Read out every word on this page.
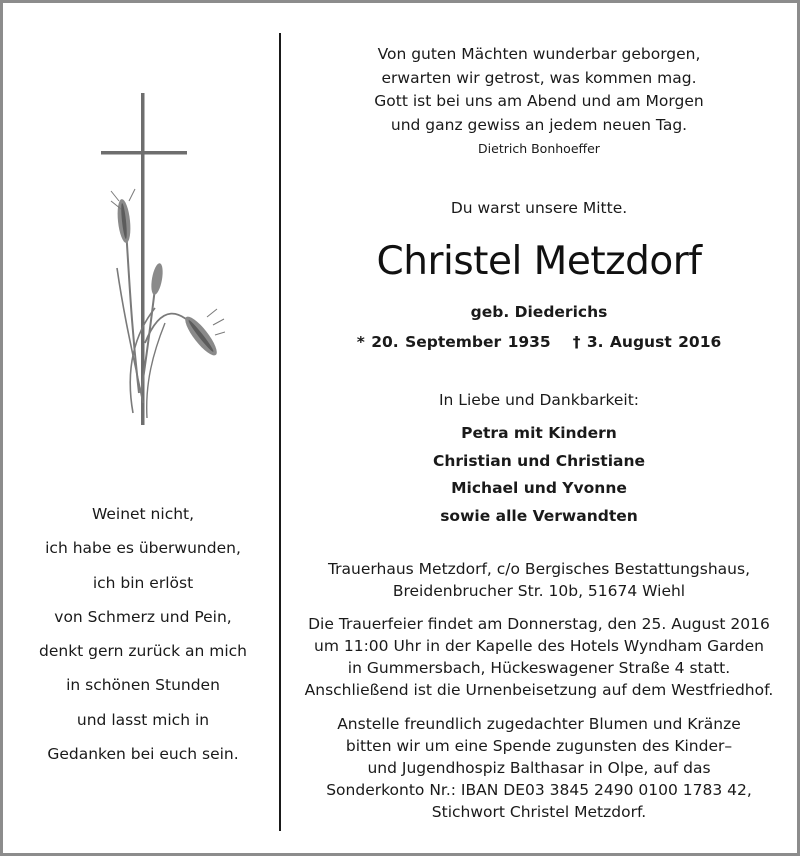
Weinet nicht,
ich habe es überwunden,
ich bin erlöst
von Schmerz und Pein,
denkt gern zurück an mich
in schönen Stunden
und lasst mich in
Gedanken bei euch sein.
Von guten Mächten wunderbar geborgen,
erwarten wir getrost, was kommen mag.
Gott ist bei uns am Abend und am Morgen
und ganz gewiss an jedem neuen Tag.
Dietrich Bonhoeffer
Du warst unsere Mitte.
Christel Metzdorf
geb. Diederichs
* 20. September 1935 † 3. August 2016
In Liebe und Dankbarkeit:
Petra mit Kindern
Christian und Christiane
Michael und Yvonne
sowie alle Verwandten
Trauerhaus Metzdorf, c/o Bergisches Bestattungshaus,
Breidenbrucher Str. 10b, 51674 Wiehl
Die Trauerfeier findet am Donnerstag, den 25. August 2016
um 11:00 Uhr in der Kapelle des Hotels Wyndham Garden
in Gummersbach, Hückeswagener Straße 4 statt.
Anschließend ist die Urnenbeisetzung auf dem Westfriedhof.
Anstelle freundlich zugedachter Blumen und Kränze
bitten wir um eine Spende zugunsten des Kinder–
und Jugendhospiz Balthasar in Olpe, auf das
Sonderkonto Nr.: IBAN DE03 3845 2490 0100 1783 42,
Stichwort Christel Metzdorf.
